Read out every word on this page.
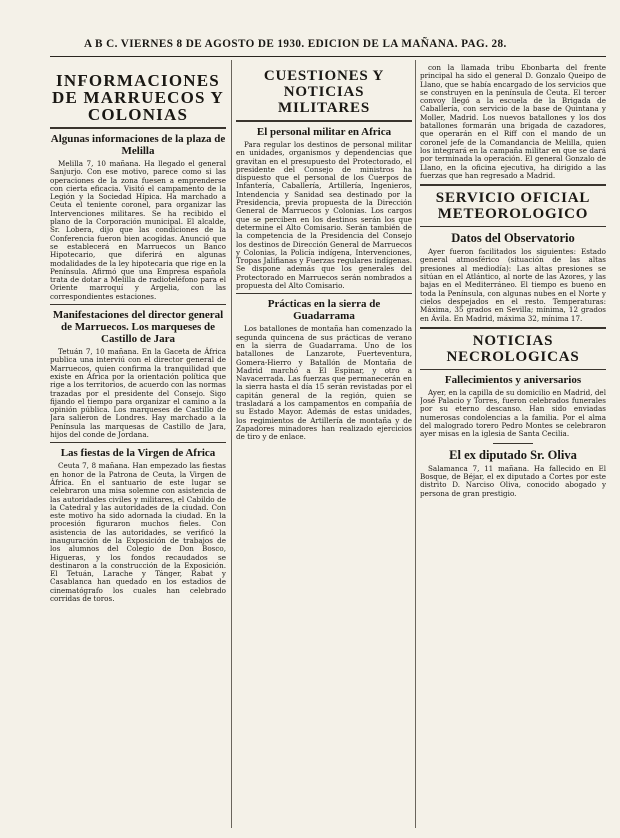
A B C. VIERNES 8 DE AGOSTO DE 1930. EDICION DE LA MAÑANA. PAG. 28.
INFORMACIONES DE MARRUECOS Y COLONIAS
Algunas informaciones de la plaza de Melilla

Melilla 7, 10 mañana. Ha llegado el general Sanjurjo. Con ese motivo, parece como si las operaciones de la zona fuesen a emprenderse con cierta eficacia. Visitó el campamento de la Legión y la Sociedad Hípica. Ha marchado a Ceuta el teniente coronel, para organizar las Intervenciones militares. Se ha recibido el plano de la Corporación municipal. El alcalde, Sr. Lobera, dijo que las condiciones de la Conferencia fueron bien acogidas. Anunció que se establecerá en Marruecos un Banco Hipotecario, que diferirá en algunas modalidades de la ley hipotecaria que rige en la Península. Afirmó que una Empresa española trata de dotar a Melilla de radioteléfono para el Oriente marroquí y Argelia, con las correspondientes estaciones.

Manifestaciones del director general de Marruecos. Los marqueses de Castillo de Jara

Tetuán 7, 10 mañana. En la Gaceta de África publica una interviú con el director general de Marruecos, quien confirma la tranquilidad que existe en África por la orientación política que rige a los territorios, de acuerdo con las normas trazadas por el presidente del Consejo. Sigo fijando el tiempo para organizar el camino a la opinión pública. Los marqueses de Castillo de Jara salieron de Londres. Hay marchado a la Península las marquesas de Castillo de Jara, hijos del conde de Jordana.

Las fiestas de la Virgen de Africa

Ceuta 7, 8 mañana. Han empezado las fiestas en honor de la Patrona de Ceuta, la Virgen de África. En el santuario de este lugar se celebraron una misa solemne con asistencia de las autoridades civiles y militares, el Cabildo de la Catedral y las autoridades de la ciudad. Con este motivo ha sido adornada la ciudad. En la procesión figuraron muchos fieles. Con asistencia de las autoridades, se verificó la inauguración de la Exposición de trabajos de los alumnos del Colegio de Don Bosco, Higueras, y los fondos recaudados se destinaron a la construcción de la Exposición. El Tetuán, Larache y Tánger, Rabat y Casablanca han quedado en los estadios de cinematógrafo los cuales han celebrado corridas de toros.

CUESTIONES Y NOTICIAS MILITARES
El personal militar en Africa

Para regular los destinos de personal militar en unidades, organismos y dependencias que gravitan en el presupuesto del Protectorado, el presidente del Consejo de ministros ha dispuesto que el personal de los Cuerpos de Infantería, Caballería, Artillería, Ingenieros, Intendencia y Sanidad sea destinado por la Presidencia, previa propuesta de la Dirección General de Marruecos y Colonias. Los cargos que se perciben en los destinos serán los que determine el Alto Comisario. Serán también de la competencia de la Presidencia del Consejo los destinos de Dirección General de Marruecos y Colonias, la Policía indígena, Intervenciones, Tropas Jalifianas y Fuerzas regulares indígenas. Se dispone además que los generales del Protectorado en Marruecos serán nombrados a propuesta del Alto Comisario.

Prácticas en la sierra de Guadarrama

Los batallones de montaña han comenzado la segunda quincena de sus prácticas de verano en la sierra de Guadarrama. Uno de los batallones de Lanzarote, Fuerteventura, Gomera-Hierro y Batallón de Montaña de Madrid marchó a El Espinar, y otro a Navacerrada. Las fuerzas que permanecerán en la sierra hasta el día 15 serán revistadas por el capitán general de la región, quien se trasladará a los campamentos en compañía de su Estado Mayor. Además de estas unidades, los regimientos de Artillería de montaña y de Zapadores minadores han realizado ejercicios de tiro y de enlace.

con la llamada tribu Ebonbarta del frente principal ha sido el general D. Gonzalo Queipo de Llano, que se había encargado de los servicios que se construyen en la península de Ceuta. El tercer convoy llegó a la escuela de la Brigada de Caballería, con servicio de la base de Quintana y Moller, Madrid. Los nuevos batallones y los dos batallones formarán una brigada de cazadores, que operarán en el Riff con el mando de un coronel jefe de la Comandancia de Melilla, quien los integrará en la campaña militar en que se dará por terminada la operación. El general Gonzalo de Llano, en la oficina ejecutiva, ha dirigido a las fuerzas que han regresado a Madrid.

SERVICIO OFICIAL METEOROLOGICO
Datos del Observatorio

Ayer fueron facilitados los siguientes: Estado general atmosférico (situación de las altas presiones al mediodía): Las altas presiones se sitúan en el Atlántico, al norte de las Azores, y las bajas en el Mediterráneo. El tiempo es bueno en toda la Península, con algunas nubes en el Norte y cielos despejados en el resto. Temperaturas: Máxima, 35 grados en Sevilla; mínima, 12 grados en Ávila. En Madrid, máxima 32, mínima 17.

NOTICIAS NECROLOGICAS
Fallecimientos y aniversarios

Ayer, en la capilla de su domicilio en Madrid, del José Palacio y Torres, fueron celebrados funerales por su eterno descanso. Han sido enviadas numerosas condolencias a la familia. Por el alma del malogrado torero Pedro Montes se celebraron ayer misas en la iglesia de Santa Cecilia.

El ex diputado Sr. Oliva

Salamanca 7, 11 mañana. Ha fallecido en El Bosque, de Béjar, el ex diputado a Cortes por este distrito D. Narciso Oliva, conocido abogado y persona de gran prestigio.
